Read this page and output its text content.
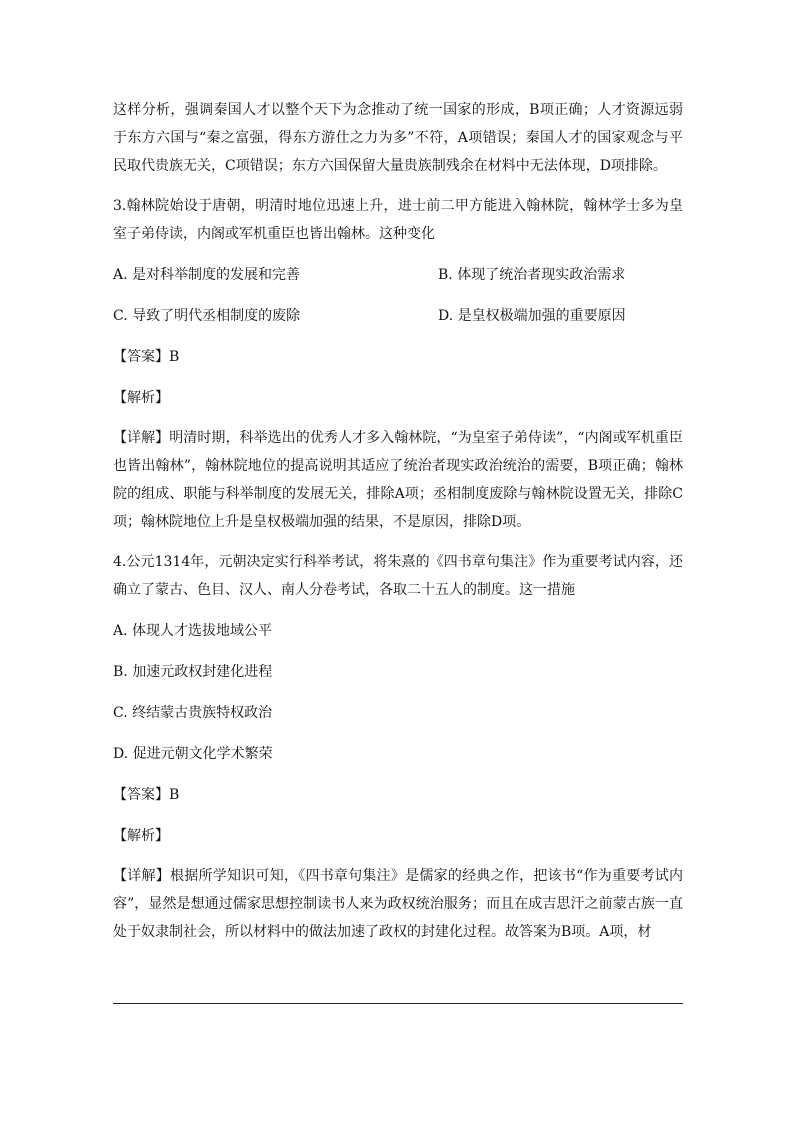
这样分析，强调秦国人才以整个天下为念推动了统一国家的形成，B项正确；人才资源远弱于东方六国与“秦之富强，得东方游仕之力为多”不符，A项错误；秦国人才的国家观念与平民取代贵族无关，C项错误；东方六国保留大量贵族制残余在材料中无法体现，D项排除。

3.翰林院始设于唐朝，明清时地位迅速上升，进士前二甲方能进入翰林院，翰林学士多为皇室子弟侍读，内阁或军机重臣也皆出翰林。这种变化

A. 是对科举制度的发展和完善	B. 体现了统治者现实政治需求
C. 导致了明代丞相制度的废除	D. 是皇权极端加强的重要原因
【答案】B
【解析】

【详解】明清时期，科举选出的优秀人才多入翰林院，“为皇室子弟侍读”，“内阁或军机重臣也皆出翰林”，翰林院地位的提高说明其适应了统治者现实政治统治的需要，B项正确；翰林院的组成、职能与科举制度的发展无关，排除A项；丞相制度废除与翰林院设置无关，排除C项；翰林院地位上升是皇权极端加强的结果，不是原因，排除D项。

4.公元1314年，元朝决定实行科举考试，将朱熹的《四书章句集注》作为重要考试内容，还确立了蒙古、色目、汉人、南人分卷考试，各取二十五人的制度。这一措施

A. 体现人才选拔地域公平
B. 加速元政权封建化进程
C. 终结蒙古贵族特权政治
D. 促进元朝文化学术繁荣
【答案】B
【解析】

【详解】根据所学知识可知，《四书章句集注》是儒家的经典之作，把该书“作为重要考试内容”，显然是想通过儒家思想控制读书人来为政权统治服务；而且在成吉思汗之前蒙古族一直处于奴隶制社会，所以材料中的做法加速了政权的封建化过程。故答案为B项。A项，材
